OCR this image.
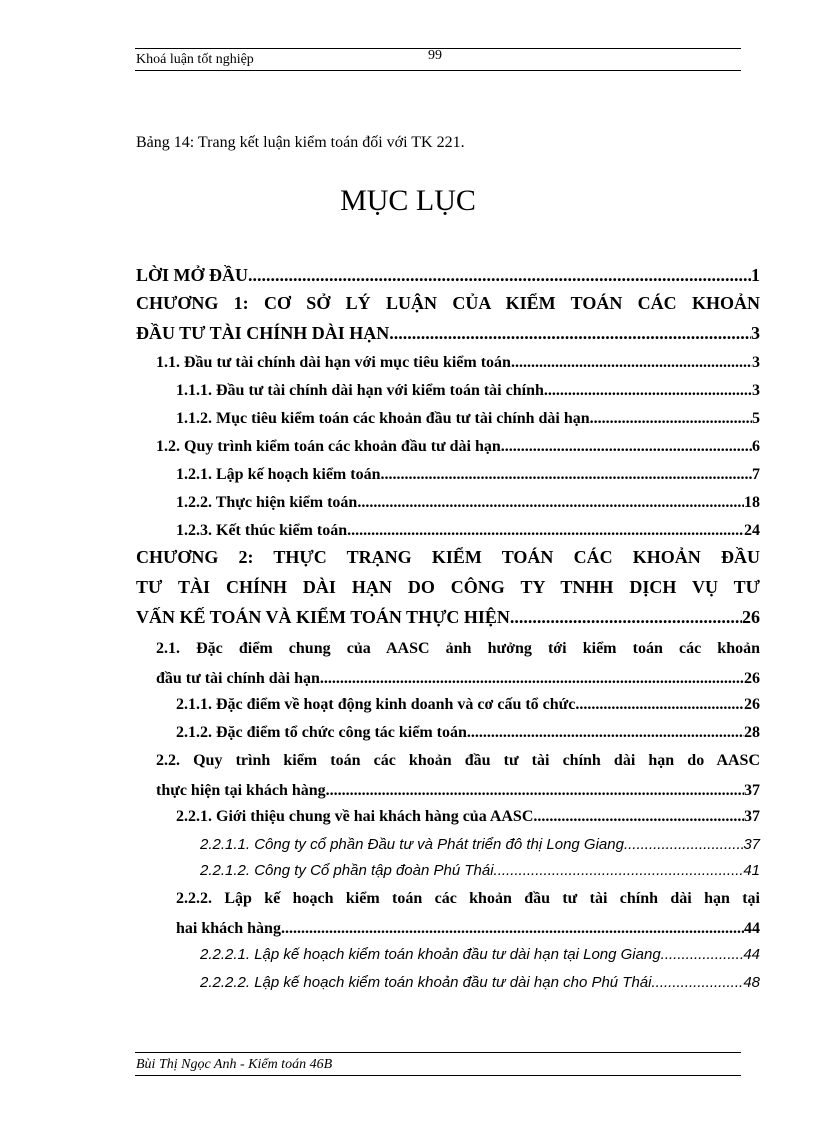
Khoá luận tốt nghiệp	99
Bảng 14: Trang kết luận kiểm toán đối với TK 221.
MỤC LỤC
LỜI MỞ ĐẦU .....	1
CHƯƠNG 1: CƠ SỞ LÝ LUẬN CỦA KIỂM TOÁN CÁC KHOẢN
ĐẦU TƯ TÀI CHÍNH DÀI HẠN .....	3
1.1. Đầu tư tài chính dài hạn với mục tiêu kiểm toán .....	3
1.1.1. Đầu tư tài chính dài hạn với kiểm toán tài chính .....	3
1.1.2. Mục tiêu kiểm toán các khoản đầu tư tài chính dài hạn .....	5
1.2. Quy trình kiểm toán các khoản đầu tư dài hạn .....	6
1.2.1. Lập kế hoạch kiểm toán .....	7
1.2.2. Thực hiện kiểm toán .....	18
1.2.3. Kết thúc kiểm toán .....	24
CHƯƠNG 2: THỰC TRẠNG KIỂM TOÁN CÁC KHOẢN ĐẦU
TƯ TÀI CHÍNH DÀI HẠN DO CÔNG TY TNHH DỊCH VỤ TƯ
VẤN KẾ TOÁN VÀ KIỂM TOÁN THỰC HIỆN .....	26
2.1. Đặc điểm chung của AASC ảnh hưởng tới kiểm toán các khoản
đầu tư tài chính dài hạn .....	26
2.1.1. Đặc điểm về hoạt động kinh doanh và cơ cấu tổ chức .....	26
2.1.2. Đặc điểm tổ chức công tác kiểm toán .....	28
2.2. Quy trình kiểm toán các khoản đầu tư tài chính dài hạn do AASC
thực hiện tại khách hàng .....	37
2.2.1. Giới thiệu chung về hai khách hàng của AASC .....	37
2.2.1.1. Công ty cổ phần Đầu tư và Phát triển đô thị Long Giang .....	37
2.2.1.2. Công ty Cổ phần tập đoàn Phú Thái .....	41
2.2.2. Lập kế hoạch kiểm toán các khoản đầu tư tài chính dài hạn tại
hai khách hàng .....	44
2.2.2.1. Lập kế hoạch kiểm toán khoản đầu tư dài hạn tại Long Giang .....	44
2.2.2.2. Lập kế hoạch kiểm toán khoản đầu tư dài hạn cho Phú Thái .....	48
Bùi Thị Ngọc Anh - Kiểm toán 46B
